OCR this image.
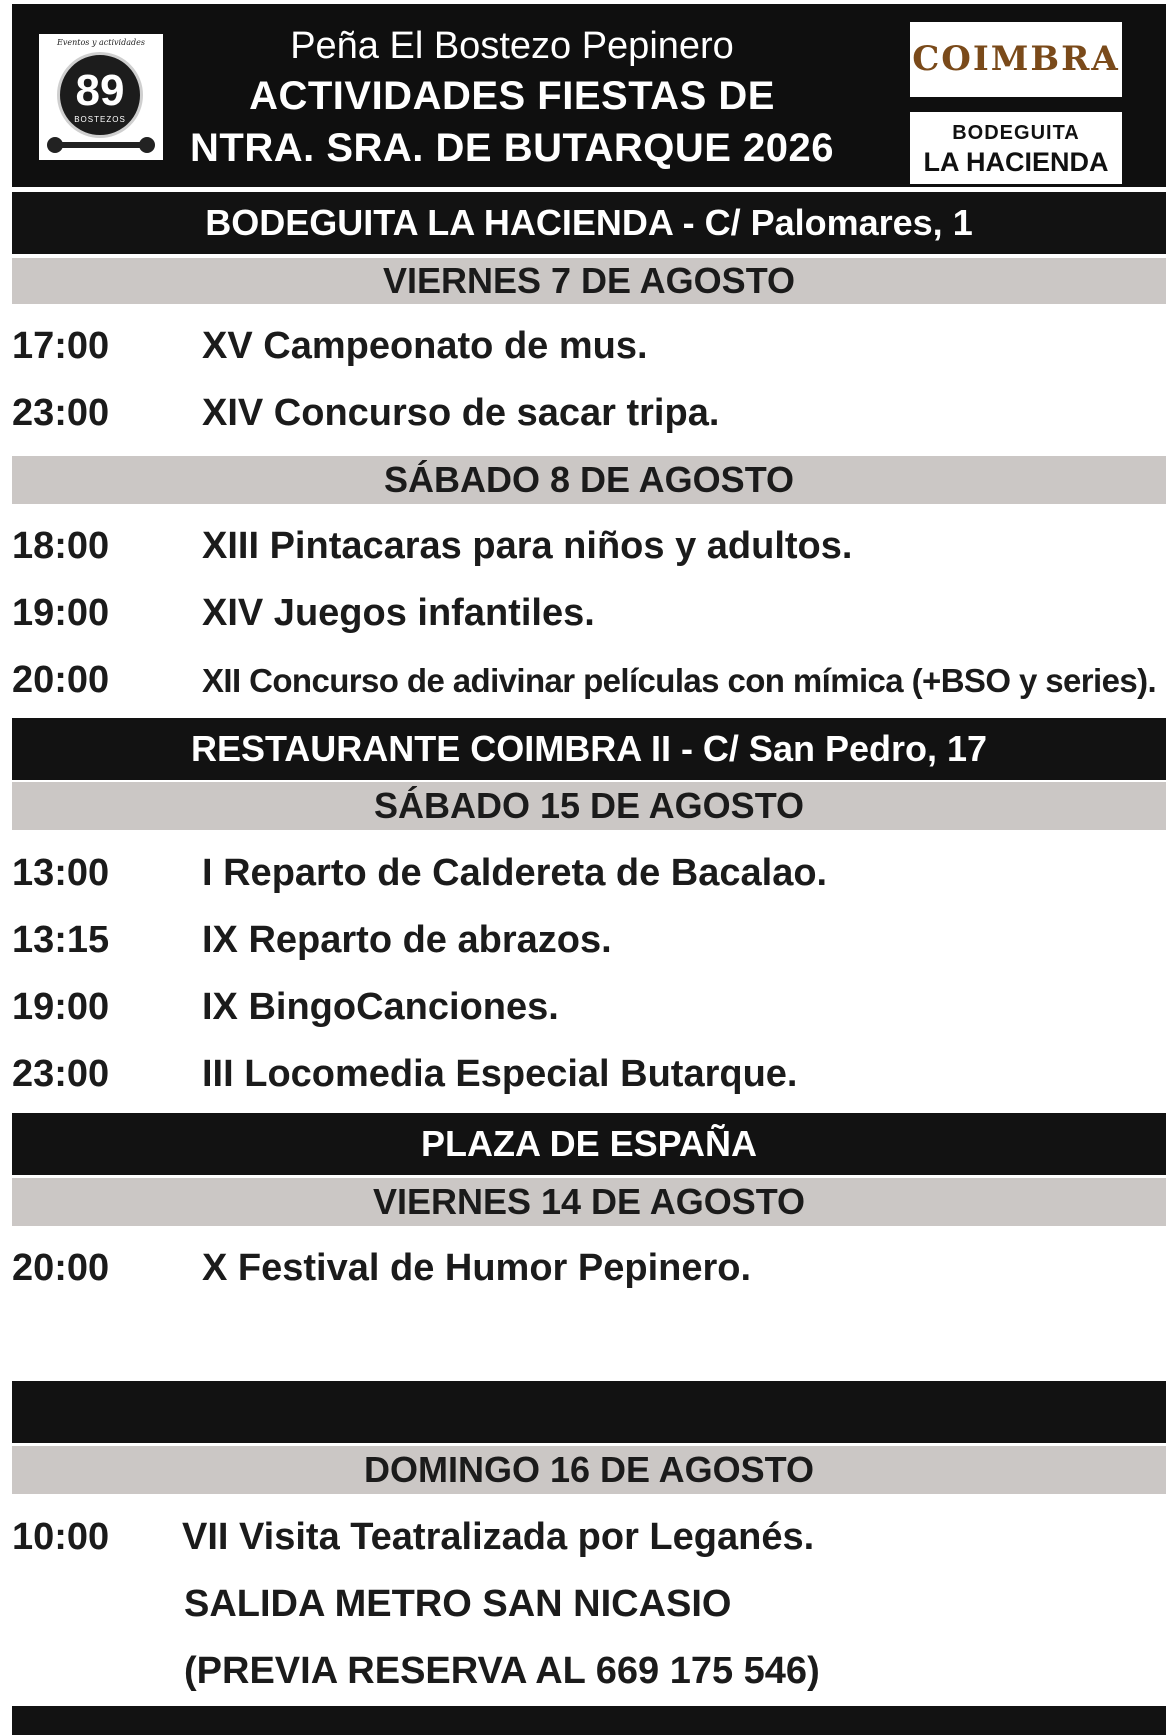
Eventos y actividades
89
BOSTEZOS
Peña El Bostezo Pepinero
ACTIVIDADES FIESTAS DE
NTRA. SRA. DE BUTARQUE 2026
COIMBRA
BODEGUITA
LA HACIENDA
BODEGUITA LA HACIENDA - C/ Palomares, 1
VIERNES 7 DE AGOSTO
17:00 XV Campeonato de mus.
23:00 XIV Concurso de sacar tripa.
SÁBADO 8 DE AGOSTO
18:00 XIII Pintacaras para niños y adultos.
19:00 XIV Juegos infantiles.
20:00	XII Concurso de adivinar películas con mímica (+BSO y series).
RESTAURANTE COIMBRA II - C/ San Pedro, 17
SÁBADO 15 DE AGOSTO
13:00 I Reparto de Caldereta de Bacalao.
13:15 IX Reparto de abrazos.
19:00 IX BingoCanciones.
23:00 III Locomedia Especial Butarque.
PLAZA DE ESPAÑA
VIERNES 14 DE AGOSTO
20:00 X Festival de Humor Pepinero.
DOMINGO 16 DE AGOSTO
10:00 VII Visita Teatralizada por Leganés.
SALIDA METRO SAN NICASIO
(PREVIA RESERVA AL 669 175 546)
